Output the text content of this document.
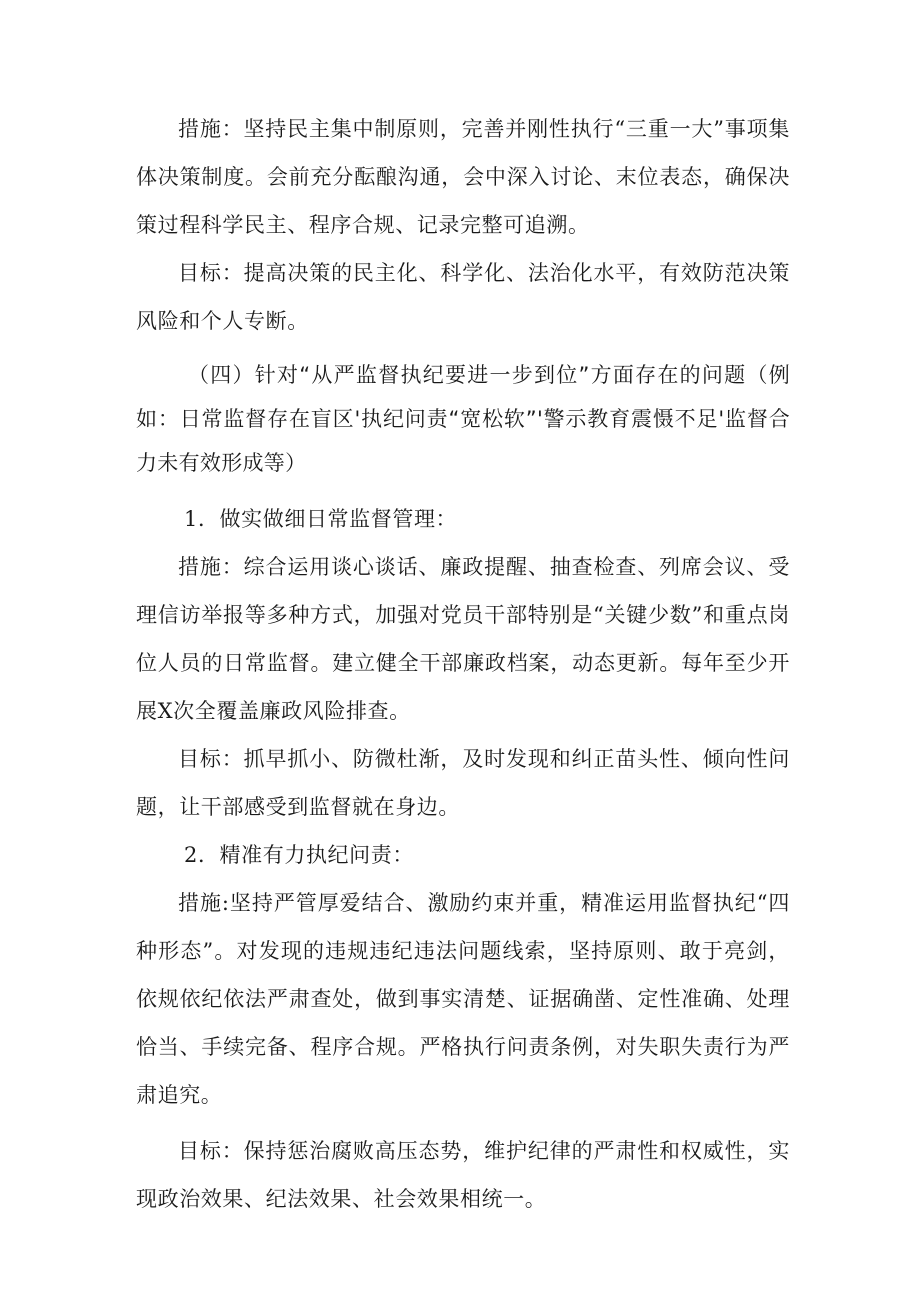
措施：坚持民主集中制原则，完善并刚性执行“三重一大”事项集体决策制度。会前充分酝酿沟通，会中深入讨论、末位表态，确保决策过程科学民主、程序合规、记录完整可追溯。

目标：提高决策的民主化、科学化、法治化水平，有效防范决策风险和个人专断。

（四）针对“从严监督执纪要进一步到位”方面存在的问题（例如：日常监督存在盲区'执纪问责“宽松软”'警示教育震慑不足'监督合力未有效形成等）

1．做实做细日常监督管理：

措施：综合运用谈心谈话、廉政提醒、抽查检查、列席会议、受理信访举报等多种方式，加强对党员干部特别是“关键少数”和重点岗位人员的日常监督。建立健全干部廉政档案，动态更新。每年至少开展X次全覆盖廉政风险排查。

目标：抓早抓小、防微杜渐，及时发现和纠正苗头性、倾向性问题，让干部感受到监督就在身边。

2．精准有力执纪问责：

措施:坚持严管厚爱结合、激励约束并重，精准运用监督执纪“四种形态”。对发现的违规违纪违法问题线索，坚持原则、敢于亮剑，依规依纪依法严肃查处，做到事实清楚、证据确凿、定性准确、处理恰当、手续完备、程序合规。严格执行问责条例，对失职失责行为严肃追究。

目标：保持惩治腐败高压态势，维护纪律的严肃性和权威性，实现政治效果、纪法效果、社会效果相统一。
